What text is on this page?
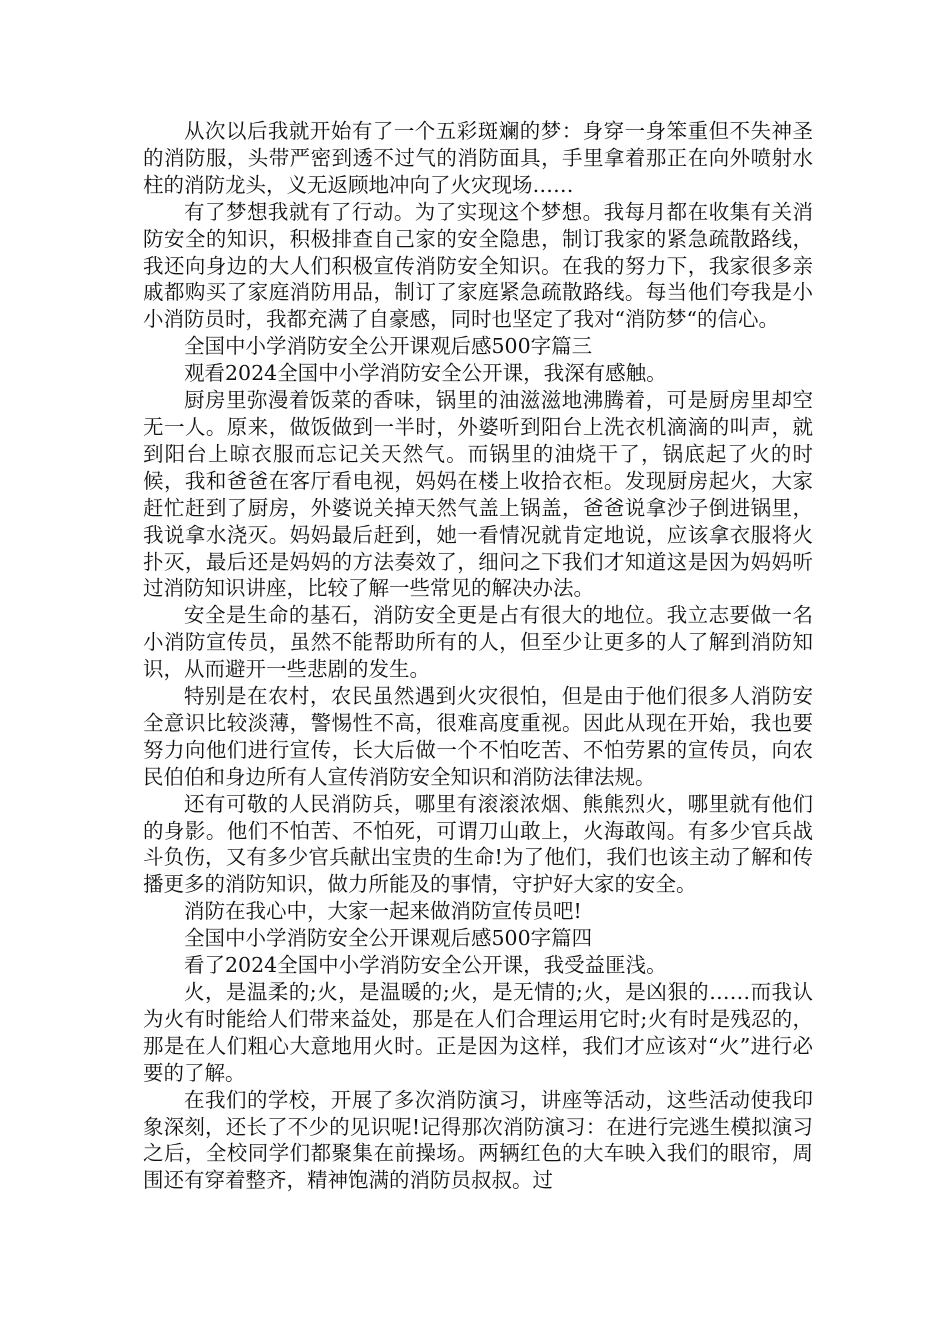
从次以后我就开始有了一个五彩斑斓的梦：身穿一身笨重但不失神圣的消防服，头带严密到透不过气的消防面具，手里拿着那正在向外喷射水柱的消防龙头，义无返顾地冲向了火灾现场……

有了梦想我就有了行动。为了实现这个梦想。我每月都在收集有关消防安全的知识，积极排查自己家的安全隐患，制订我家的紧急疏散路线，我还向身边的大人们积极宣传消防安全知识。在我的努力下，我家很多亲戚都购买了家庭消防用品，制订了家庭紧急疏散路线。每当他们夸我是小小消防员时，我都充满了自豪感，同时也坚定了我对“消防梦“的信心。

全国中小学消防安全公开课观后感500字篇三

观看2024全国中小学消防安全公开课，我深有感触。

厨房里弥漫着饭菜的香味，锅里的油滋滋地沸腾着，可是厨房里却空无一人。原来，做饭做到一半时，外婆听到阳台上洗衣机滴滴的叫声，就到阳台上晾衣服而忘记关天然气。而锅里的油烧干了，锅底起了火的时候，我和爸爸在客厅看电视，妈妈在楼上收拾衣柜。发现厨房起火，大家赶忙赶到了厨房，外婆说关掉天然气盖上锅盖，爸爸说拿沙子倒进锅里，我说拿水浇灭。妈妈最后赶到，她一看情况就肯定地说，应该拿衣服将火扑灭，最后还是妈妈的方法奏效了，细问之下我们才知道这是因为妈妈听过消防知识讲座，比较了解一些常见的解决办法。

安全是生命的基石，消防安全更是占有很大的地位。我立志要做一名小消防宣传员，虽然不能帮助所有的人，但至少让更多的人了解到消防知识，从而避开一些悲剧的发生。

特别是在农村，农民虽然遇到火灾很怕，但是由于他们很多人消防安全意识比较淡薄，警惕性不高，很难高度重视。因此从现在开始，我也要努力向他们进行宣传，长大后做一个不怕吃苦、不怕劳累的宣传员，向农民伯伯和身边所有人宣传消防安全知识和消防法律法规。

还有可敬的人民消防兵，哪里有滚滚浓烟、熊熊烈火，哪里就有他们的身影。他们不怕苦、不怕死，可谓刀山敢上，火海敢闯。有多少官兵战斗负伤，又有多少官兵献出宝贵的生命!为了他们，我们也该主动了解和传播更多的消防知识，做力所能及的事情，守护好大家的安全。

消防在我心中，大家一起来做消防宣传员吧!

全国中小学消防安全公开课观后感500字篇四

看了2024全国中小学消防安全公开课，我受益匪浅。

火，是温柔的;火，是温暖的;火，是无情的;火，是凶狠的……而我认为火有时能给人们带来益处，那是在人们合理运用它时;火有时是残忍的，那是在人们粗心大意地用火时。正是因为这样，我们才应该对“火”进行必要的了解。

在我们的学校，开展了多次消防演习，讲座等活动，这些活动使我印象深刻，还长了不少的见识呢!记得那次消防演习：在进行完逃生模拟演习之后，全校同学们都聚集在前操场。两辆红色的大车映入我们的眼帘，周围还有穿着整齐，精神饱满的消防员叔叔。过
